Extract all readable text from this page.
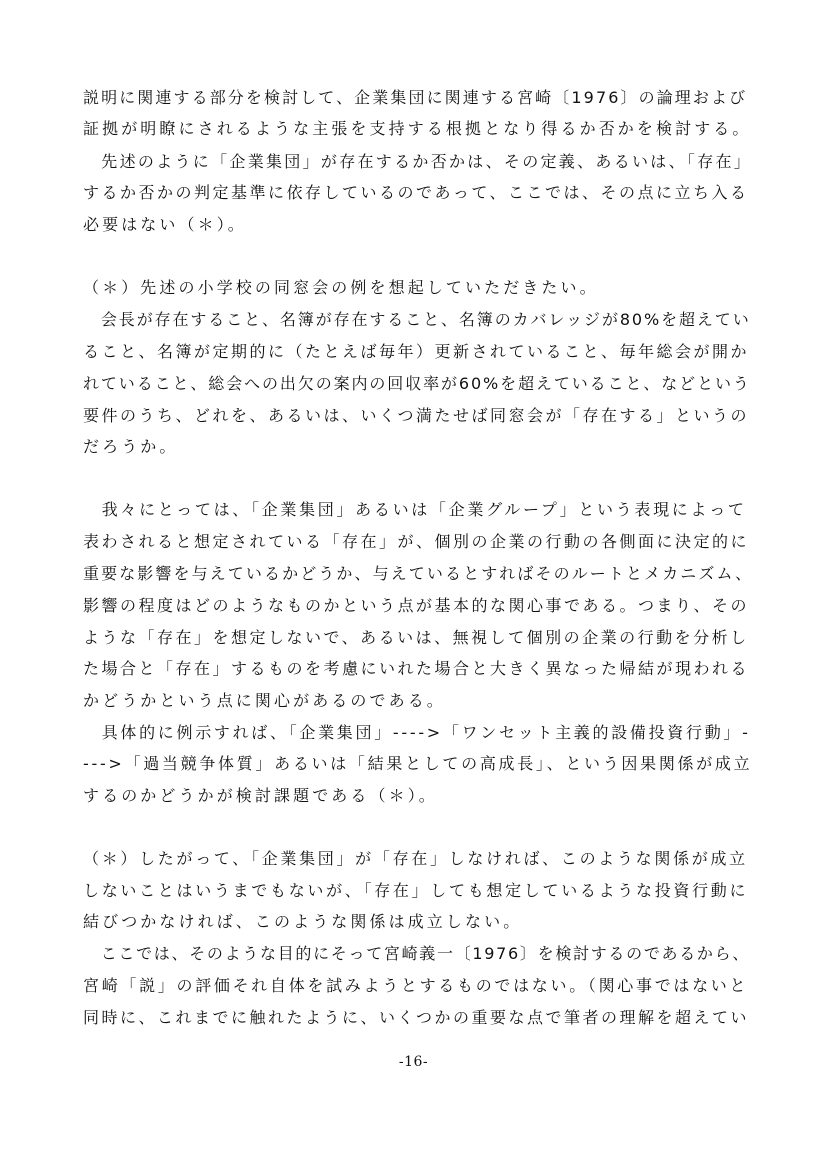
説明に関連する部分を検討して、企業集団に関連する宮崎〔1976〕の論理および
証拠が明瞭にされるような主張を支持する根拠となり得るか否かを検討する。
　先述のように「企業集団」が存在するか否かは、その定義、あるいは、「存在」
するか否かの判定基準に依存しているのであって、ここでは、その点に立ち入る
必要はない（＊）。
（＊）先述の小学校の同窓会の例を想起していただきたい。
　会長が存在すること、名簿が存在すること、名簿のカバレッジが80%を超えてい
ること、名簿が定期的に（たとえば毎年）更新されていること、毎年総会が開か
れていること、総会への出欠の案内の回収率が60%を超えていること、などという
要件のうち、どれを、あるいは、いくつ満たせば同窓会が「存在する」というの
だろうか。
　我々にとっては、「企業集団」あるいは「企業グループ」という表現によって
表わされると想定されている「存在」が、個別の企業の行動の各側面に決定的に
重要な影響を与えているかどうか、与えているとすればそのルートとメカニズム、
影響の程度はどのようなものかという点が基本的な関心事である。つまり、その
ような「存在」を想定しないで、あるいは、無視して個別の企業の行動を分析し
た場合と「存在」するものを考慮にいれた場合と大きく異なった帰結が現われる
かどうかという点に関心があるのである。
　具体的に例示すれば、「企業集団」---->「ワンセット主義的設備投資行動」-
--->「過当競争体質」あるいは「結果としての高成長」、という因果関係が成立
するのかどうかが検討課題である（＊）。
（＊）したがって、「企業集団」が「存在」しなければ、このような関係が成立
しないことはいうまでもないが、「存在」しても想定しているような投資行動に
結びつかなければ、このような関係は成立しない。
　ここでは、そのような目的にそって宮崎義一〔1976〕を検討するのであるから、
宮崎「説」の評価それ自体を試みようとするものではない。（関心事ではないと
同時に、これまでに触れたように、いくつかの重要な点で筆者の理解を超えてい
-16-
